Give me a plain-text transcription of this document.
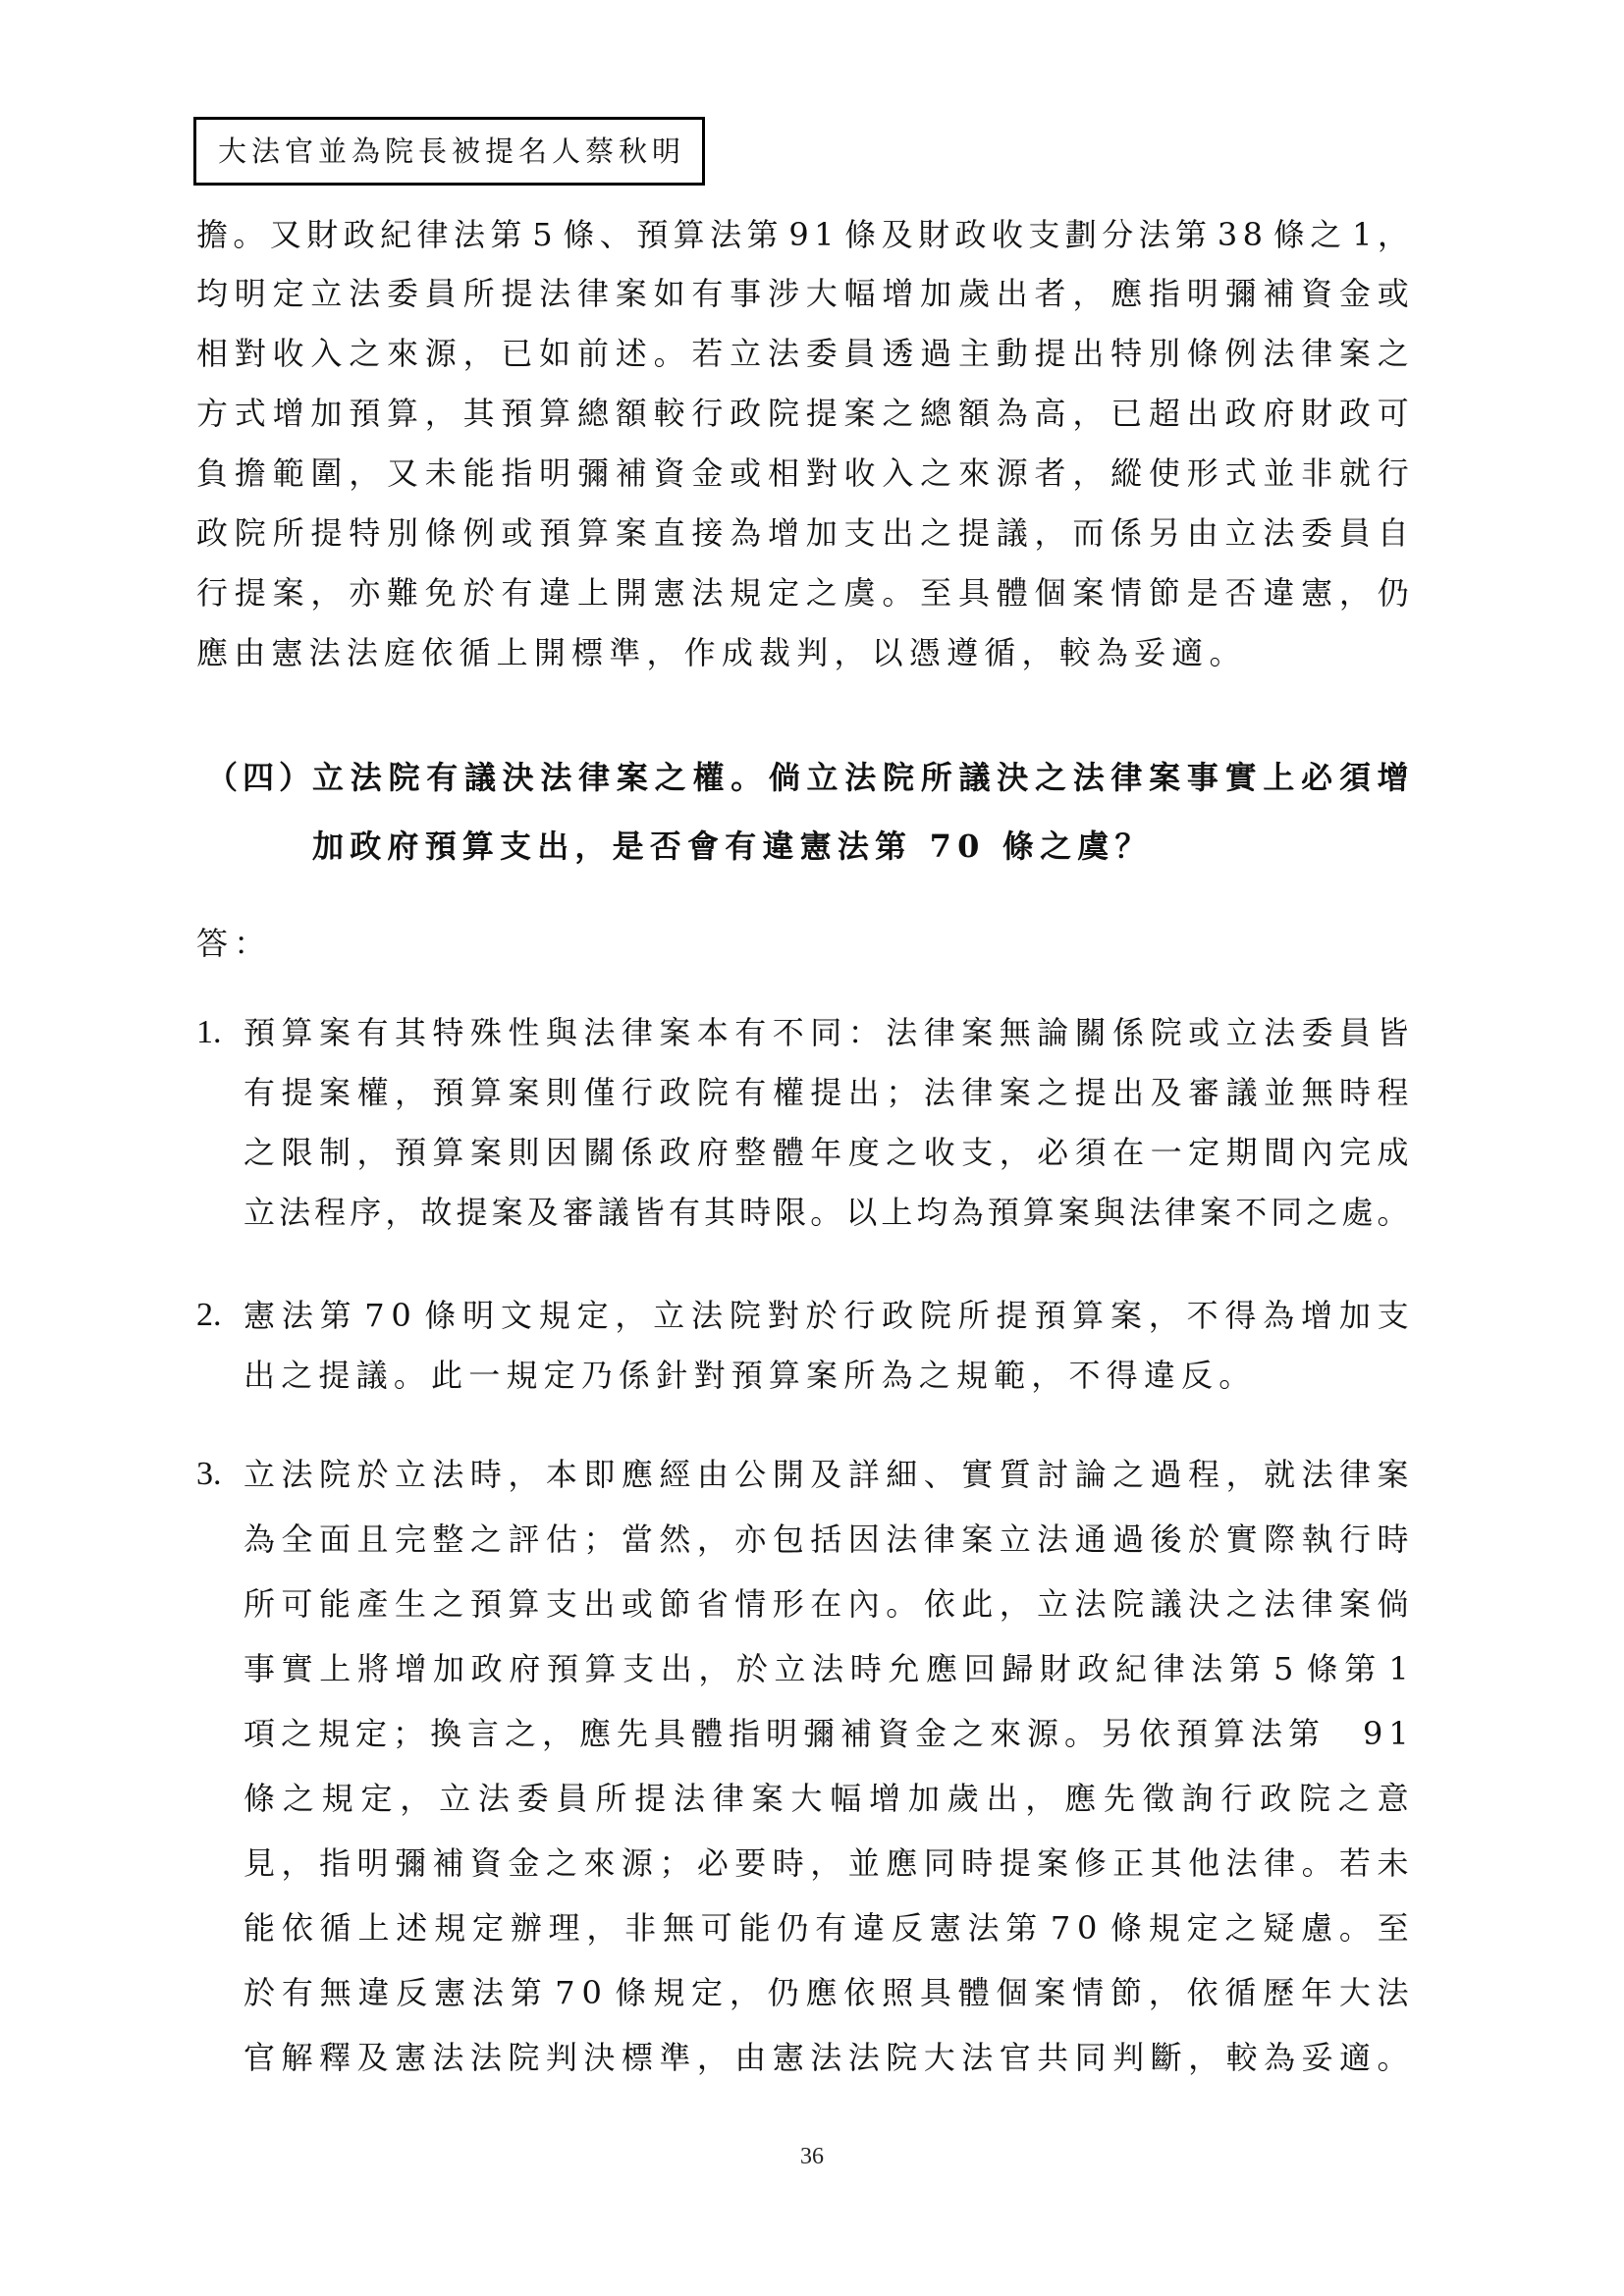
大法官並為院長被提名人蔡秋明
擔 。 又 財 政 紀 律 法 第 5 條 、 預 算 法 第 9 1 條 及 財 政 收 支 劃 分 法 第 3 8 條 之 1 ，
均 明 定 立 法 委 員 所 提 法 律 案 如 有 事 涉 大 幅 增 加 歲 出 者 ， 應 指 明 彌 補 資 金 或
相 對 收 入 之 來 源 ， 已 如 前 述 。 若 立 法 委 員 透 過 主 動 提 出 特 別 條 例 法 律 案 之
方 式 增 加 預 算 ， 其 預 算 總 額 較 行 政 院 提 案 之 總 額 為 高 ， 已 超 出 政 府 財 政 可
負 擔 範 圍 ， 又 未 能 指 明 彌 補 資 金 或 相 對 收 入 之 來 源 者 ， 縱 使 形 式 並 非 就 行
政 院 所 提 特 別 條 例 或 預 算 案 直 接 為 增 加 支 出 之 提 議 ， 而 係 另 由 立 法 委 員 自
行 提 案 ， 亦 難 免 於 有 違 上 開 憲 法 規 定 之 虞 。 至 具 體 個 案 情 節 是 否 違 憲 ， 仍
應由憲法法庭依循上開標準，作成裁判，以憑遵循，較為妥適。
（ 四 ） 立 法 院 有 議 決 法 律 案 之 權 。 倘 立 法 院 所 議 決 之 法 律 案 事 實 上 必 須 增
加政府預算支出，是否會有違憲法第 70 條之虞？
答：
1. 預 算 案 有 其 特 殊 性 與 法 律 案 本 有 不 同 ： 法 律 案 無 論 關 係 院 或 立 法 委 員 皆
有 提 案 權 ， 預 算 案 則 僅 行 政 院 有 權 提 出 ； 法 律 案 之 提 出 及 審 議 並 無 時 程
之 限 制 ， 預 算 案 則 因 關 係 政 府 整 體 年 度 之 收 支 ， 必 須 在 一 定 期 間 內 完 成
立 法 程 序 ， 故 提 案 及 審 議 皆 有 其 時 限 。 以 上 均 為 預 算 案 與 法 律 案 不 同 之 處 。
2. 憲 法 第 7 0 條 明 文 規 定 ， 立 法 院 對 於 行 政 院 所 提 預 算 案 ， 不 得 為 增 加 支
出之提議。此一規定乃係針對預算案所為之規範，不得違反。
3. 立 法 院 於 立 法 時 ， 本 即 應 經 由 公 開 及 詳 細 、 實 質 討 論 之 過 程 ， 就 法 律 案
為 全 面 且 完 整 之 評 估 ； 當 然 ， 亦 包 括 因 法 律 案 立 法 通 過 後 於 實 際 執 行 時
所 可 能 產 生 之 預 算 支 出 或 節 省 情 形 在 內 。 依 此 ， 立 法 院 議 決 之 法 律 案 倘
事 實 上 將 增 加 政 府 預 算 支 出 ， 於 立 法 時 允 應 回 歸 財 政 紀 律 法 第 5 條 第 1
項 之 規 定 ； 換 言 之 ， 應 先 具 體 指 明 彌 補 資 金 之 來 源 。 另 依 預 算 法 第
　 9 1
條 之 規 定 ， 立 法 委 員 所 提 法 律 案 大 幅 增 加 歲 出 ， 應 先 徵 詢 行 政 院 之 意
見 ， 指 明 彌 補 資 金 之 來 源 ； 必 要 時 ， 並 應 同 時 提 案 修 正 其 他 法 律 。 若 未
能 依 循 上 述 規 定 辦 理 ， 非 無 可 能 仍 有 違 反 憲 法 第 7 0 條 規 定 之 疑 慮 。 至
於 有 無 違 反 憲 法 第 7 0 條 規 定 ， 仍 應 依 照 具 體 個 案 情 節 ， 依 循 歷 年 大 法
官 解 釋 及 憲 法 法 院 判 決 標 準 ， 由 憲 法 法 院 大 法 官 共 同 判 斷 ， 較 為 妥 適 。
36
